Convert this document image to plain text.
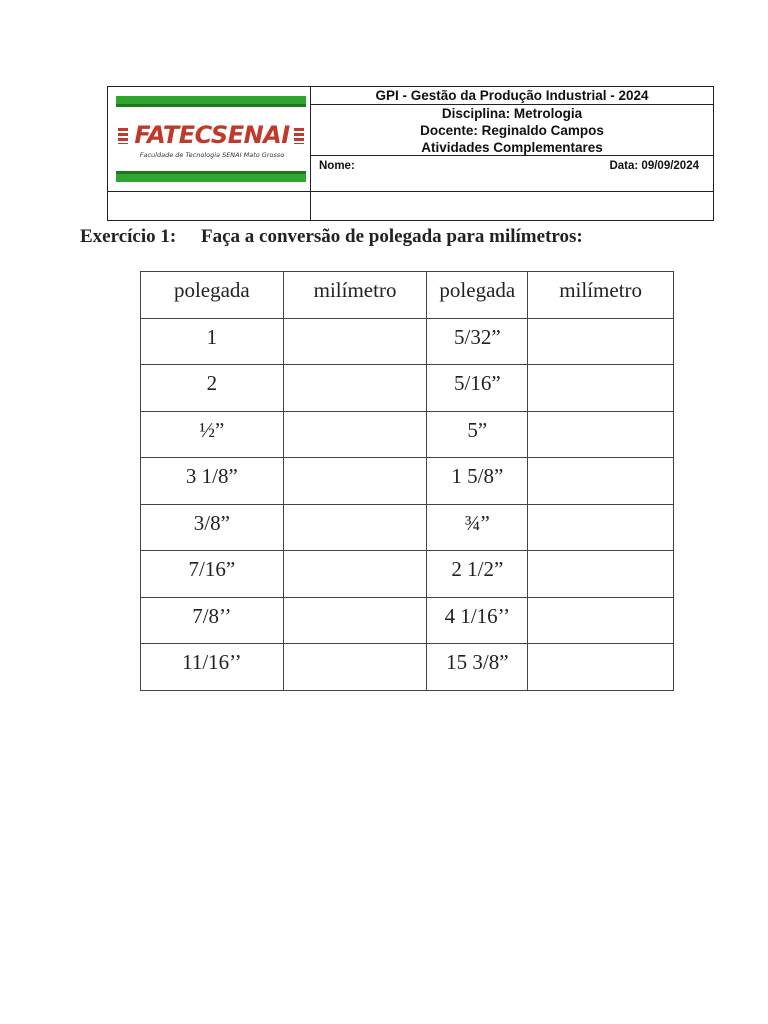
FATECSENAI
Faculdade de Tecnologia SENAI Mato Grosso
GPI - Gestão da Produção Industrial - 2024
Disciplina: Metrologia
Docente: Reginaldo Campos
Atividades Complementares
Nome:	Data: 09/09/2024
Exercício 1: Faça a conversão de polegada para milímetros:
polegada	milímetro	polegada	milímetro
1		5/32”	
2		5/16”	
½”		5”	
3 1/8”		1 5/8”	
3/8”		¾”	
7/16”		2 1/2”	
7/8’’		4 1/16’’	
11/16’’		15 3/8”	
